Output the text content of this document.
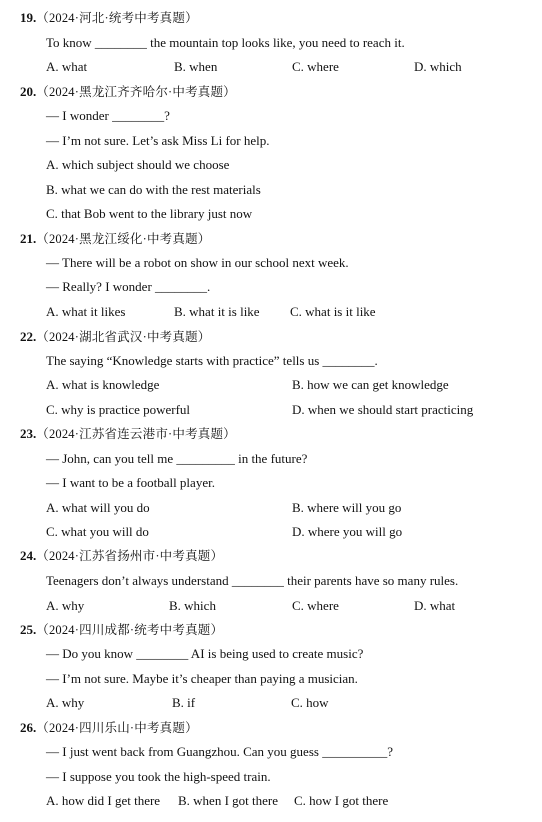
19.（2024·河北·统考中考真题）
To know ________ the mountain top looks like, you need to reach it.
A. what	B. when	C. where	D. which
20.（2024·黑龙江齐齐哈尔·中考真题）
— I wonder ________?
— I’m not sure. Let’s ask Miss Li for help.
A. which subject should we choose
B. what we can do with the rest materials
C. that Bob went to the library just now
21.（2024·黑龙江绥化·中考真题）
— There will be a robot on show in our school next week.
— Really? I wonder ________.
A. what it likes	B. what it is like C. what is it like
22.（2024·湖北省武汉·中考真题）
The saying “Knowledge starts with practice” tells us ________.
A. what is knowledge	B. how we can get knowledge
C. why is practice powerful	D. when we should start practicing
23.（2024·江苏省连云港市·中考真题）
— John, can you tell me _________ in the future?
— I want to be a football player.
A. what will you do	B. where will you go
C. what you will do	D. where you will go
24.（2024·江苏省扬州市·中考真题）
Teenagers don’t always understand ________ their parents have so many rules.
A. why	B. which	C. where	D. what
25.（2024·四川成都·统考中考真题）
— Do you know ________ AI is being used to create music?
— I’m not sure. Maybe it’s cheaper than paying a musician.
A. why	B. if	C. how
26.（2024·四川乐山·中考真题）
— I just went back from Guangzhou. Can you guess __________?
— I suppose you took the high-speed train.
A. how did I get there B. when I got there C. how I got there
